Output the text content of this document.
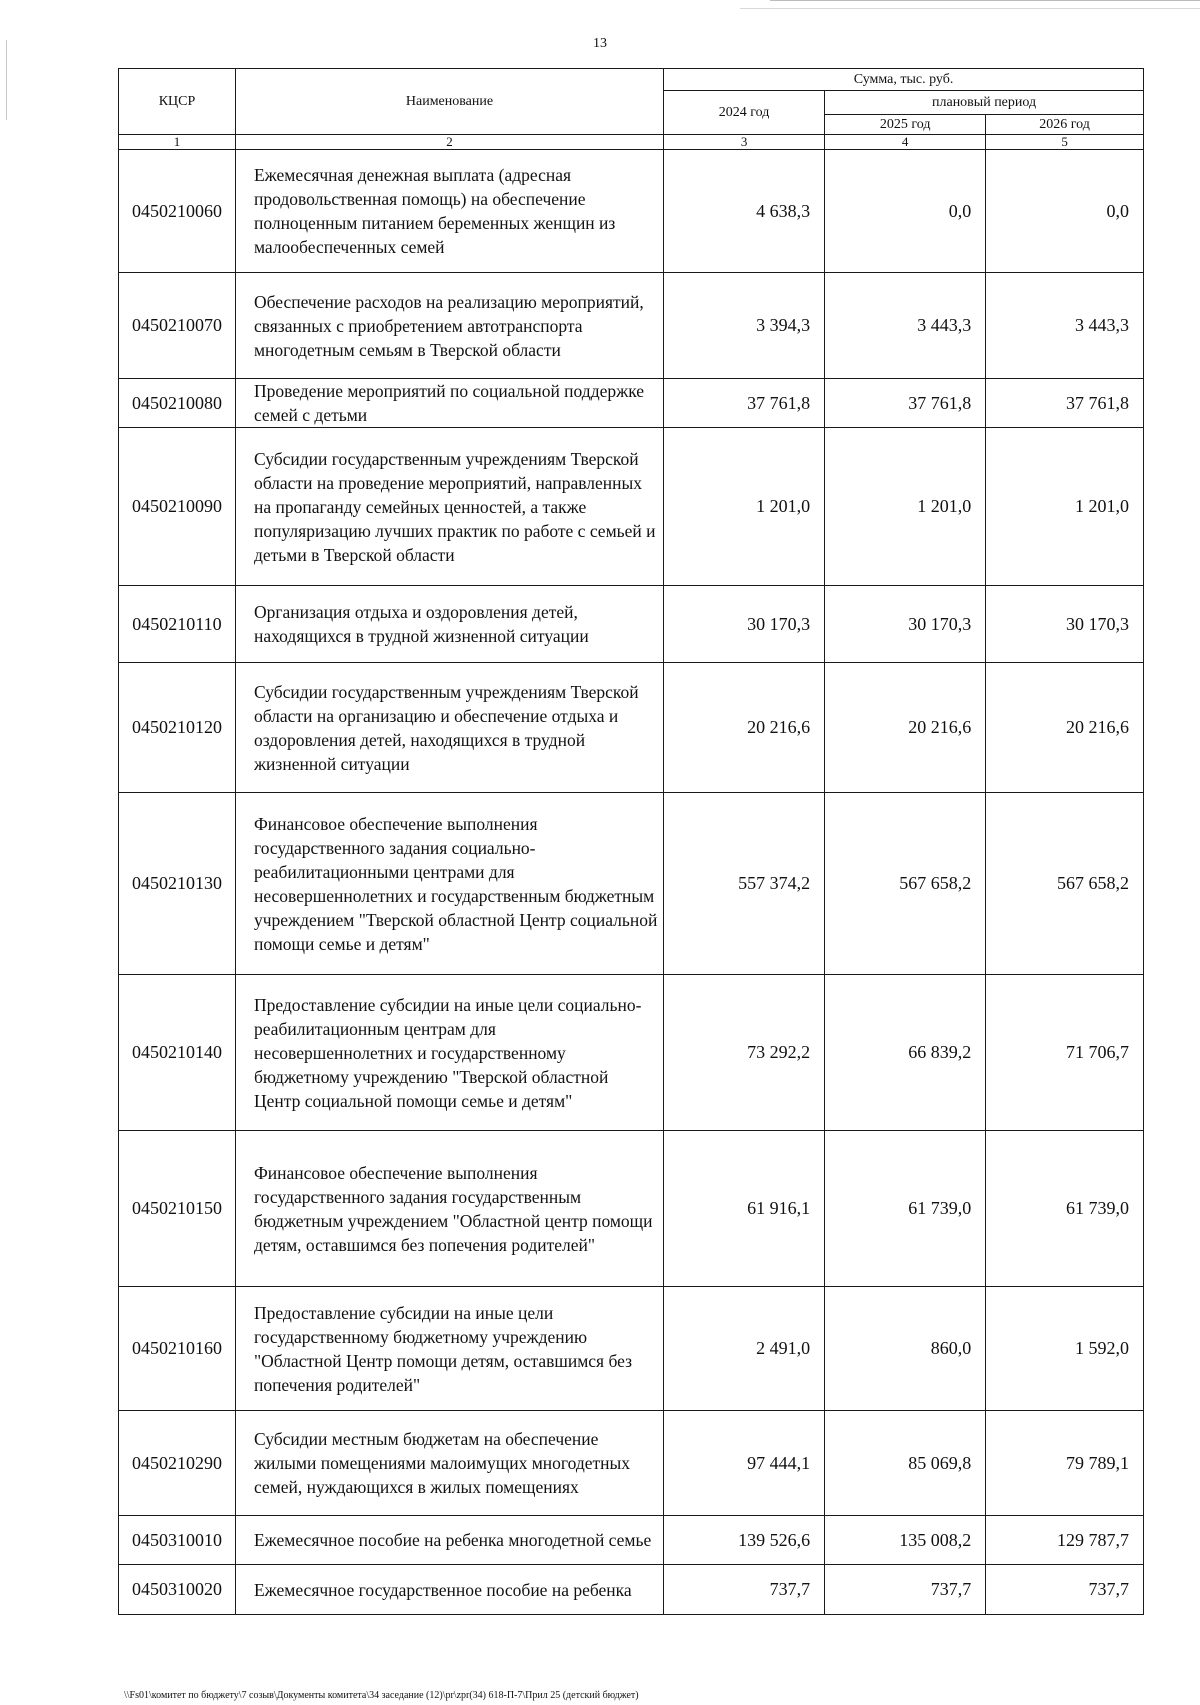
13
КЦСР	Наименование	Сумма, тыс. руб.		
		2024 год	плановый период	
			2025 год	2026 год
1	2	3	4	5
0450210060	Ежемесячная денежная выплата (адресная продовольственная помощь) на обеспечение полноценным питанием беременных женщин из малообеспеченных семей	4 638,3	0,0	0,0
0450210070	Обеспечение расходов на реализацию мероприятий, связанных с приобретением автотранспорта многодетным семьям в Тверской области	3 394,3	3 443,3	3 443,3
0450210080	Проведение мероприятий по социальной поддержке семей с детьми	37 761,8	37 761,8	37 761,8
0450210090	Субсидии государственным учреждениям Тверской области на проведение мероприятий, направленных на пропаганду семейных ценностей, а также популяризацию лучших практик по работе с семьей и детьми в Тверской области	1 201,0	1 201,0	1 201,0
0450210110	Организация отдыха и оздоровления детей, находящихся в трудной жизненной ситуации	30 170,3	30 170,3	30 170,3
0450210120	Субсидии государственным учреждениям Тверской области на организацию и обеспечение отдыха и оздоровления детей, находящихся в трудной жизненной ситуации	20 216,6	20 216,6	20 216,6
0450210130	Финансовое обеспечение выполнения государственного задания социально-реабилитационными центрами для несовершеннолетних и государственным бюджетным учреждением "Тверской областной Центр социальной помощи семье и детям"	557 374,2	567 658,2	567 658,2
0450210140	Предоставление субсидии на иные цели социально-реабилитационным центрам для несовершеннолетних и государственному бюджетному учреждению "Тверской областной Центр социальной помощи семье и детям"	73 292,2	66 839,2	71 706,7
0450210150	Финансовое обеспечение выполнения государственного задания государственным бюджетным учреждением "Областной центр помощи детям, оставшимся без попечения родителей"	61 916,1	61 739,0	61 739,0
0450210160	Предоставление субсидии на иные цели государственному бюджетному учреждению "Областной Центр помощи детям, оставшимся без попечения родителей"	2 491,0	860,0	1 592,0
0450210290	Субсидии местным бюджетам на обеспечение жилыми помещениями малоимущих многодетных семей, нуждающихся в жилых помещениях	97 444,1	85 069,8	79 789,1
0450310010	Ежемесячное пособие на ребенка многодетной семье	139 526,6	135 008,2	129 787,7
0450310020	Ежемесячное государственное пособие на ребенка	737,7	737,7	737,7
\\Fs01\комитет по бюджету\7 созыв\Документы комитета\34 заседание (12)\pr\zpr(34) 618-П-7\Прил 25 (детский бюджет)
